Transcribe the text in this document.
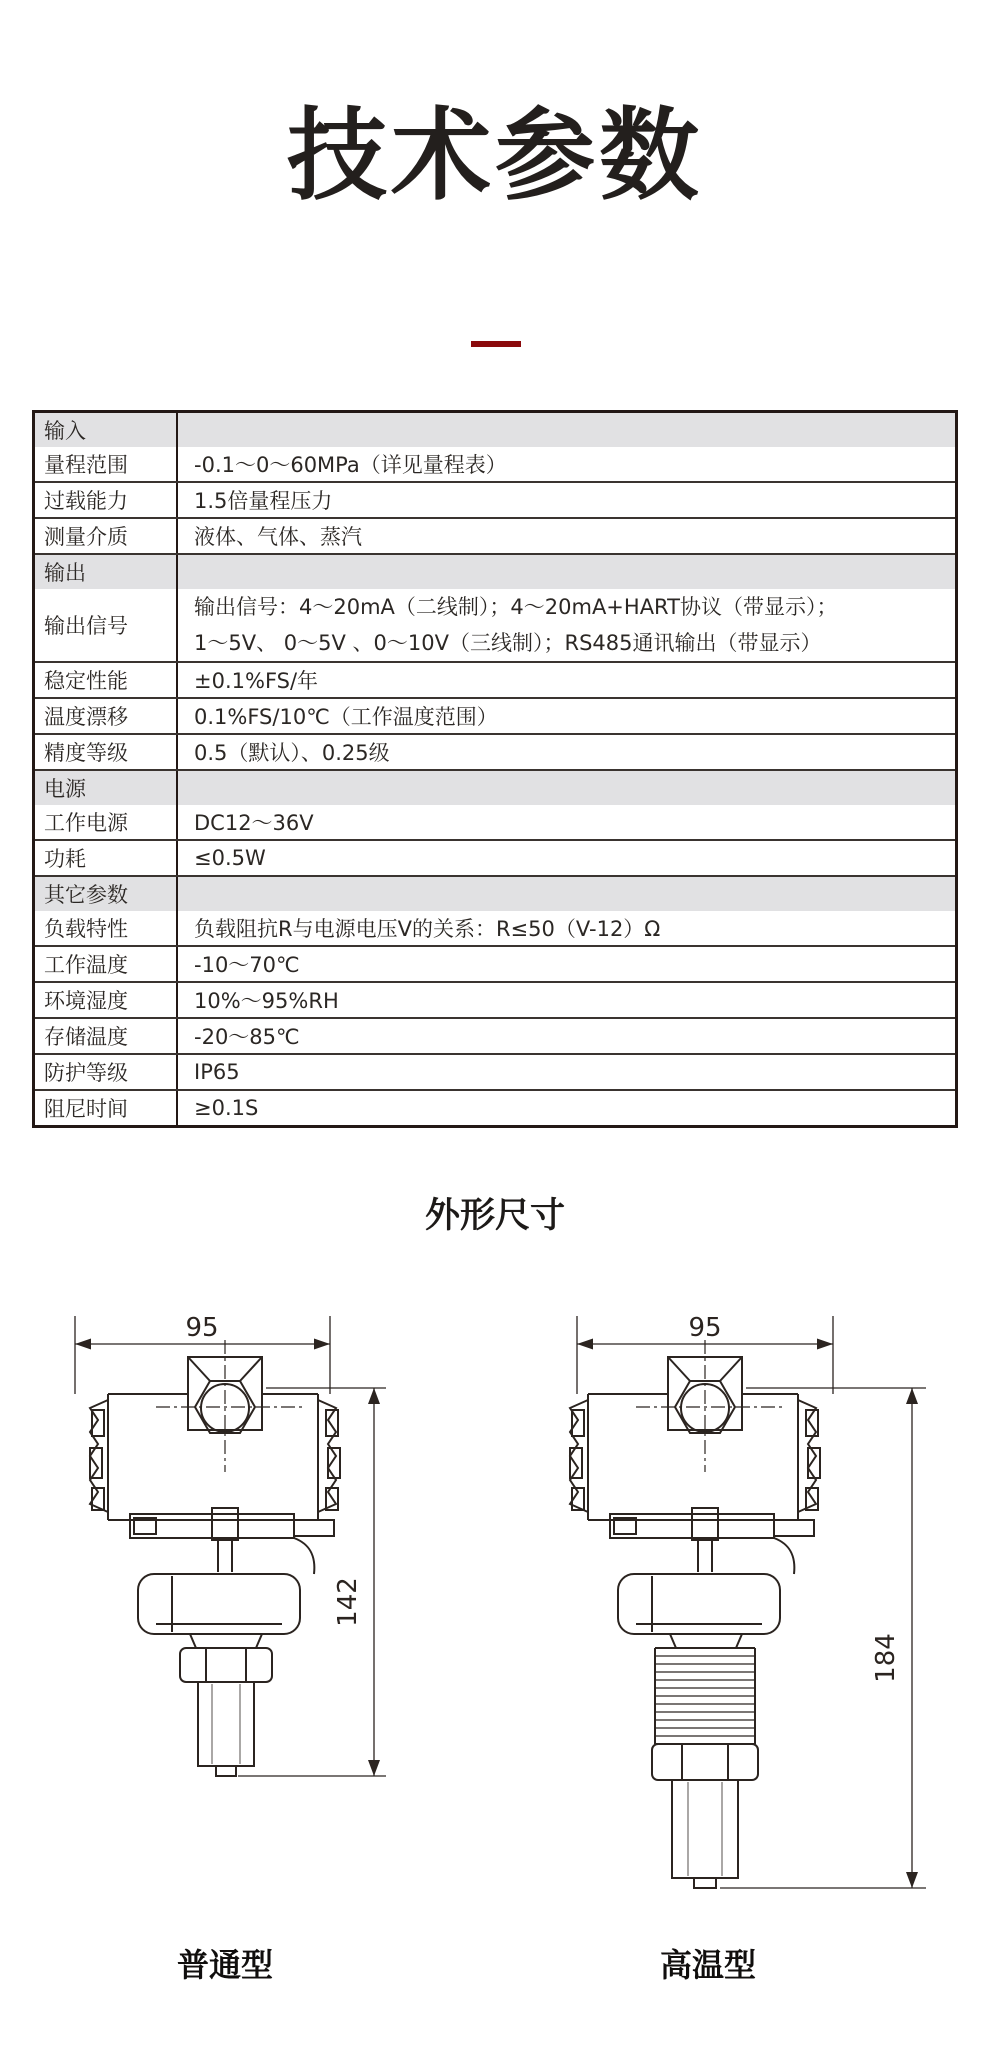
技术参数
输入	
量程范围	-0.1～0～60MPa（详见量程表）
过载能力	1.5倍量程压力
测量介质	液体、气体、蒸汽
输出	
输出信号	输出信号：4～20mA（二线制）；4～20mA+HART协议（带显示）；
1～5V、 0～5V 、0～10V（三线制）；RS485通讯输出（带显示）

稳定性能	±0.1%FS/年
温度漂移	0.1%FS/10℃（工作温度范围）
精度等级	0.5（默认）、0.25级
电源	
工作电源	DC12～36V
功耗	≤0.5W
其它参数	
负载特性	负载阻抗R与电源电压V的关系：R≤50（V-12）Ω
工作温度	-10～70℃
环境湿度	10%～95%RH
存储温度	-20～85℃
防护等级	IP65
阻尼时间	≥0.1S
外形尺寸
95
142
95
184
普通型	高温型
